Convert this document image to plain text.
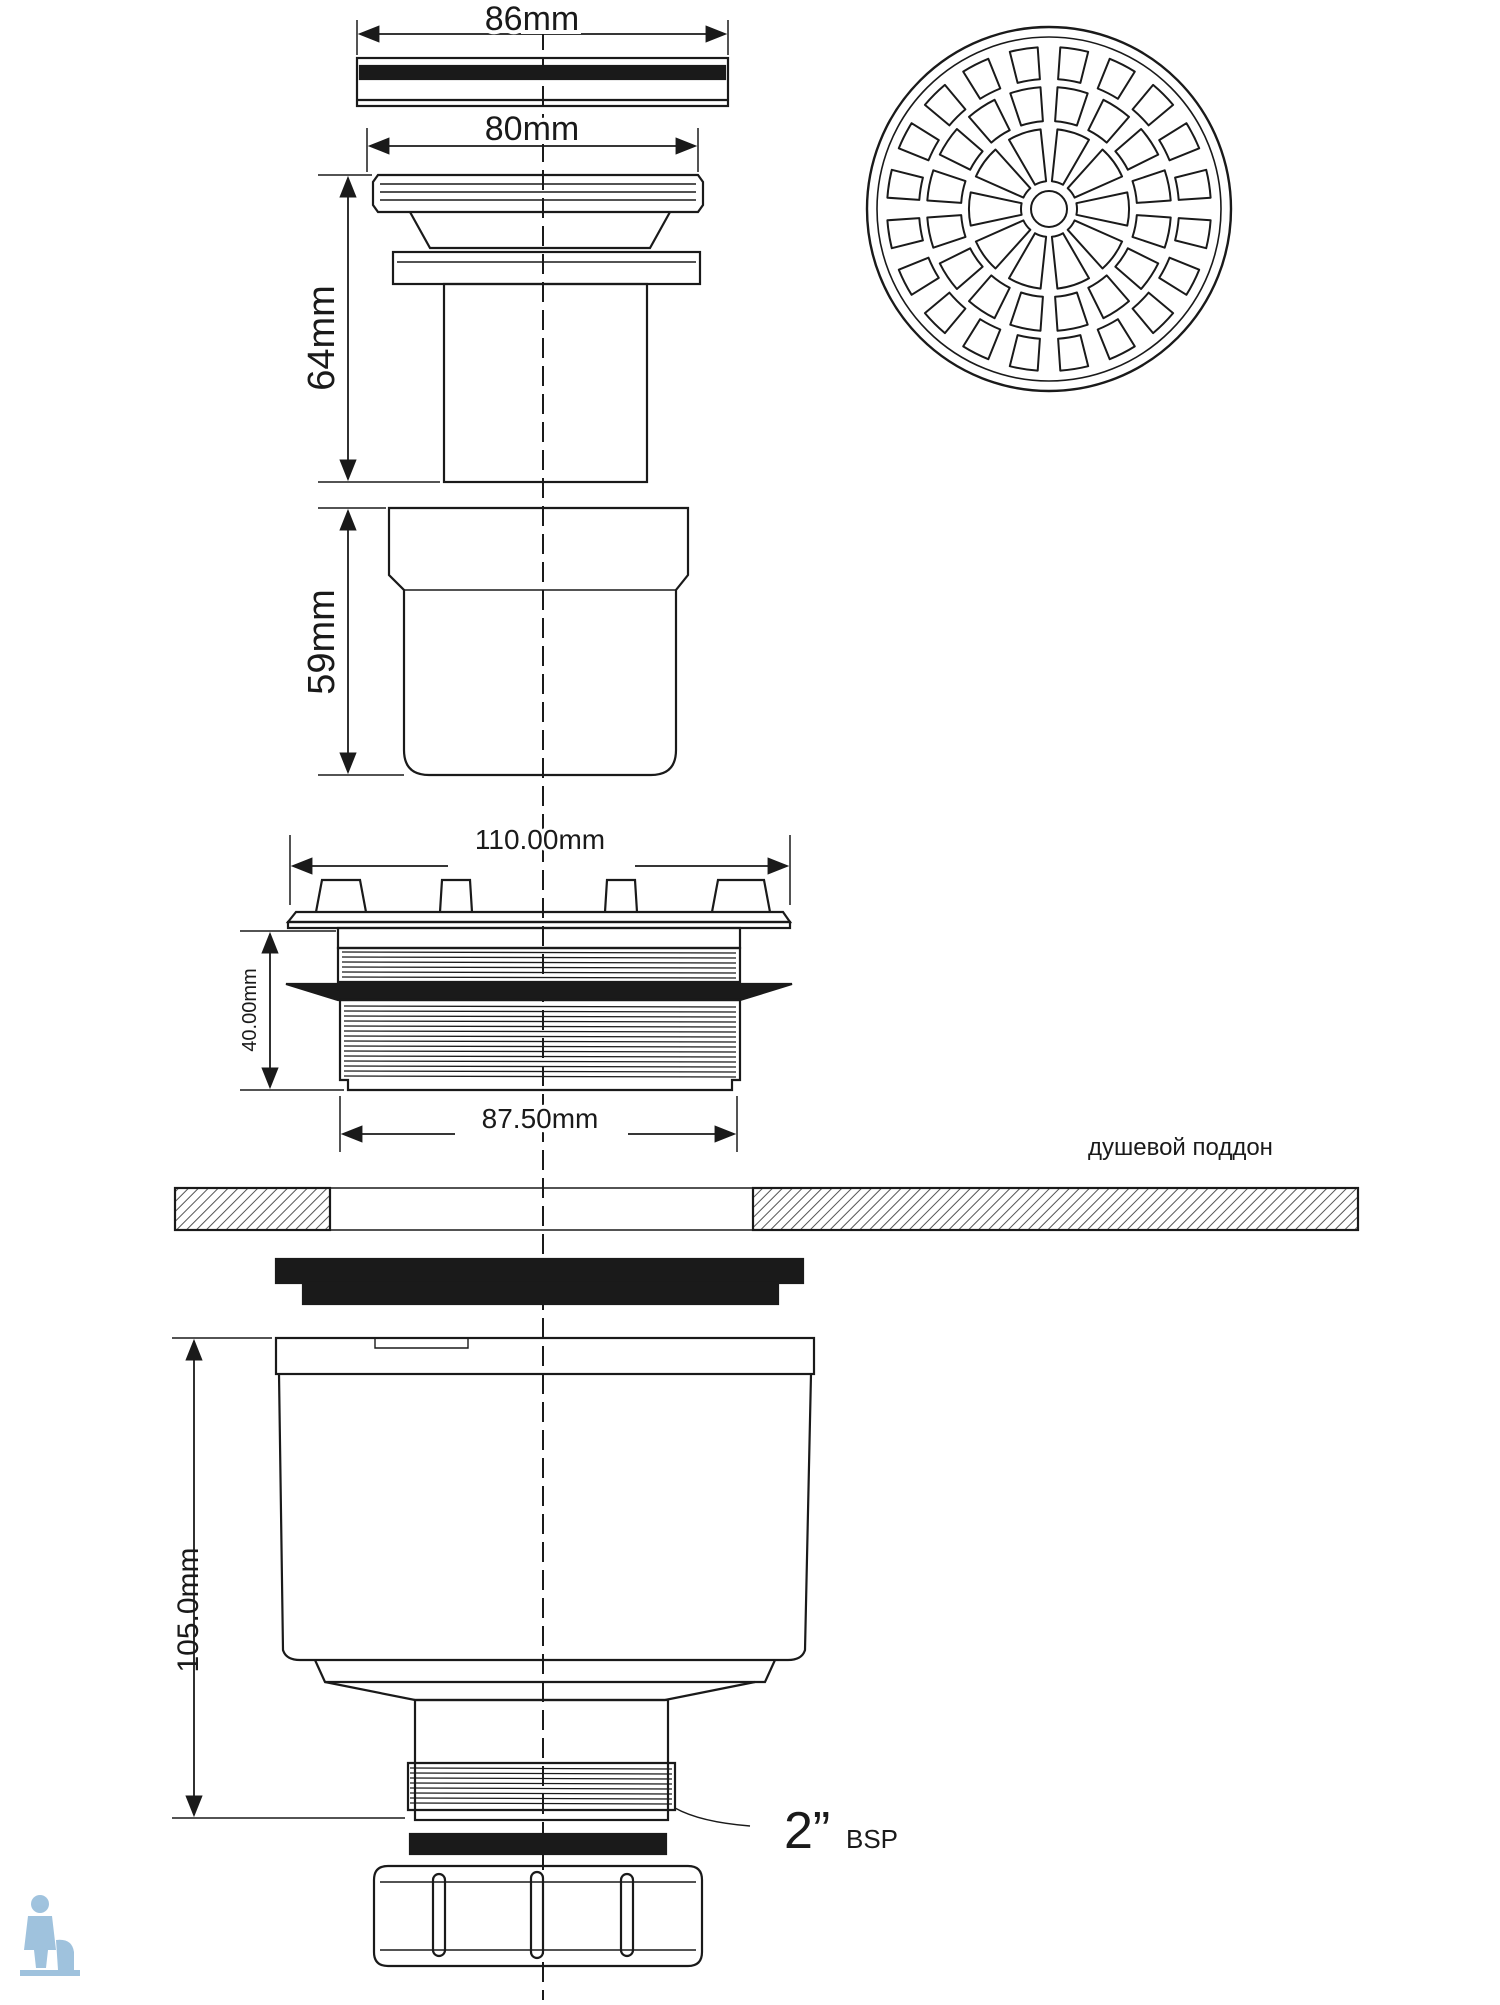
86mm
80mm
64mm
59mm
110.00mm
40.00mm
87.50mm
душевой поддон
105.0mm
2” BSP
